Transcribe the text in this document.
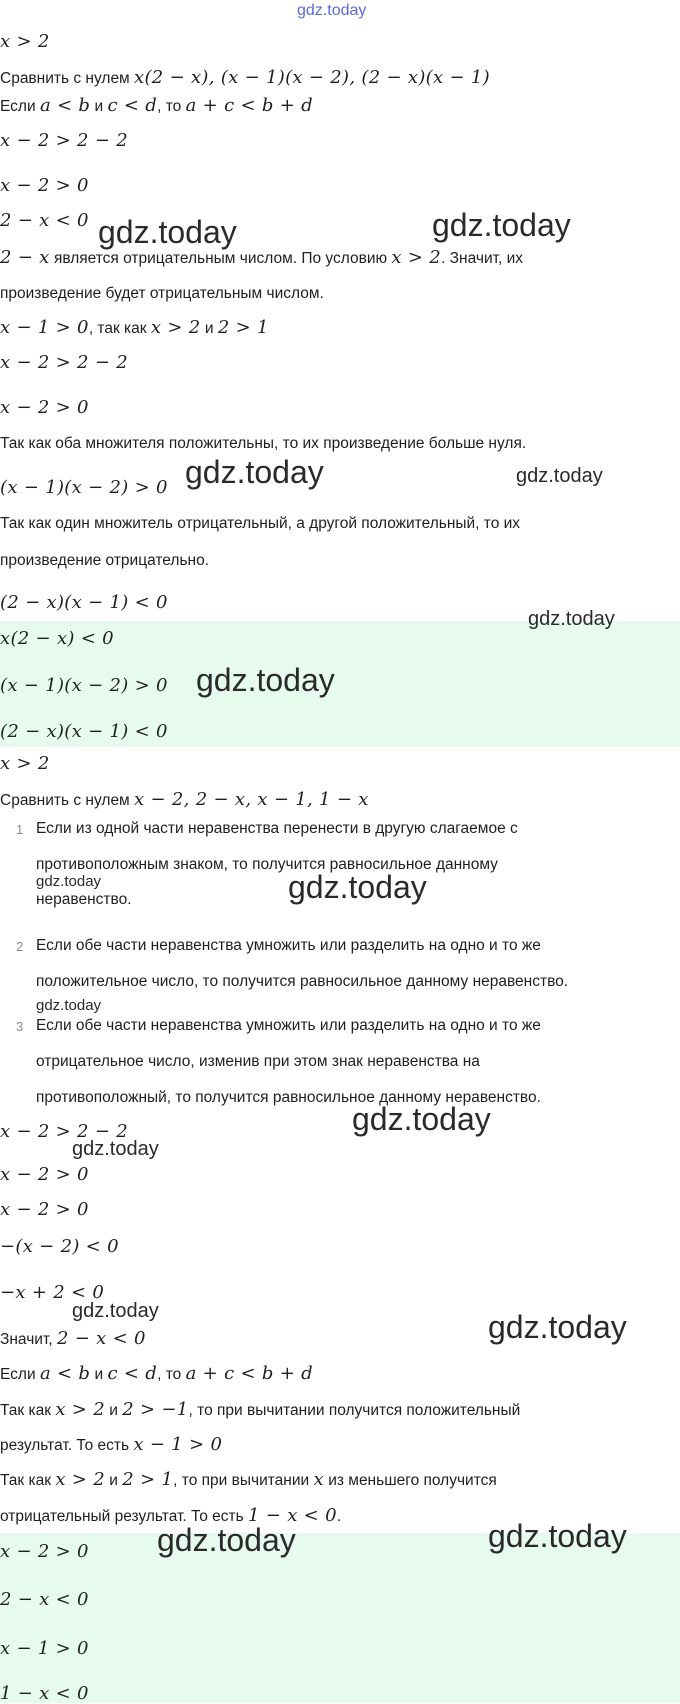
gdz.today
x > 2
Сравнить с нулем x(2 − x), (x − 1)(x − 2), (2 − x)(x − 1)
Если a < b и c < d, то a + c < b + d
x − 2 > 2 − 2
x − 2 > 0
2 − x < 0
2 − x является отрицательным числом. По условию x > 2. Значит, их
произведение будет отрицательным числом.
x − 1 > 0, так как x > 2 и 2 > 1
x − 2 > 2 − 2
x − 2 > 0
Так как оба множителя положительны, то их произведение больше нуля.
(x − 1)(x − 2) > 0
Так как один множитель отрицательный, а другой положительный, то их
произведение отрицательно.
(2 − x)(x − 1) < 0
x(2 − x) < 0
(x − 1)(x − 2) > 0
(2 − x)(x − 1) < 0
x > 2
Сравнить с нулем x − 2, 2 − x, x − 1, 1 − x
1 Если из одной части неравенства перенести в другую слагаемое с
противоположным знаком, то получится равносильное данному
неравенство.
2 Если обе части неравенства умножить или разделить на одно и то же
положительное число, то получится равносильное данному неравенство.
3 Если обе части неравенства умножить или разделить на одно и то же
отрицательное число, изменив при этом знак неравенства на
противоположный, то получится равносильное данному неравенство.
x − 2 > 2 − 2
x − 2 > 0
x − 2 > 0
−(x − 2) < 0
−x + 2 < 0
Значит, 2 − x < 0
Если a < b и c < d, то a + c < b + d
Так как x > 2 и 2 > −1, то при вычитании получится положительный
результат. То есть x − 1 > 0
Так как x > 2 и 2 > 1, то при вычитании x из меньшего получится
отрицательный результат. То есть 1 − x < 0.
x − 2 > 0
2 − x < 0
x − 1 > 0
1 − x < 0
gdz.today	gdz.today
gdz.today	gdz.today
gdz.today
gdz.today
gdz.today	gdz.today
gdz.today
gdz.today
gdz.today
gdz.today	gdz.today
gdz.today	gdz.today
